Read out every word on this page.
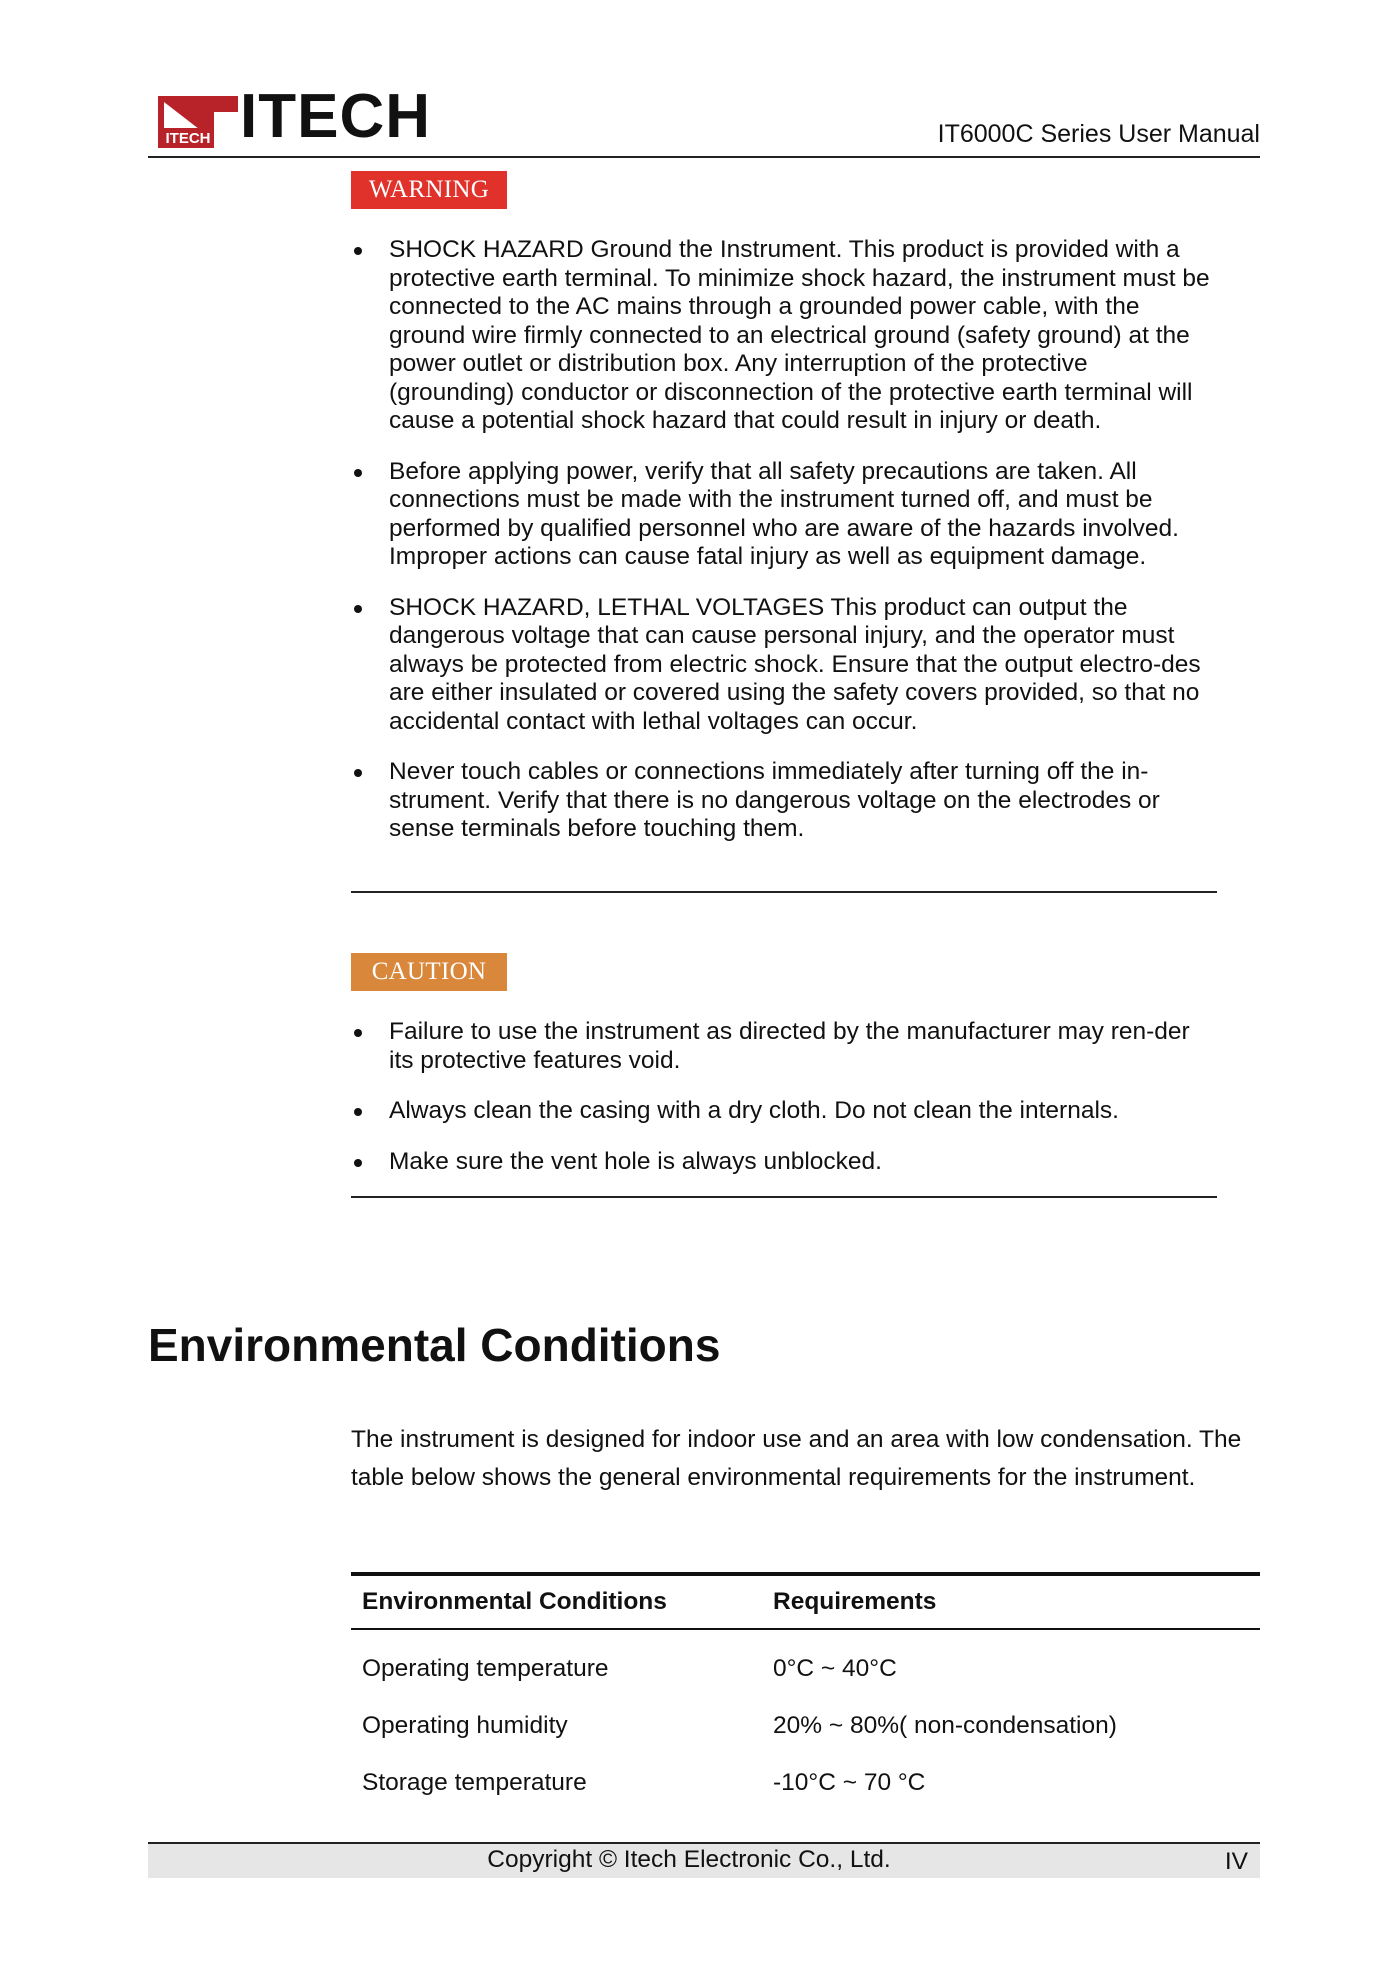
ITECH ITECH	IT6000C Series User Manual
WARNING
SHOCK HAZARD Ground the Instrument. This product is provided with a protective earth terminal. To minimize shock hazard, the instrument must be connected to the AC mains through a grounded power cable, with the ground wire firmly connected to an electrical ground (safety ground) at the power outlet or distribution box. Any interruption of the protective (grounding) conductor or disconnection of the protective earth terminal will cause a potential shock hazard that could result in injury or death.
Before applying power, verify that all safety precautions are taken. All connections must be made with the instrument turned off, and must be performed by qualified personnel who are aware of the hazards involved. Improper actions can cause fatal injury as well as equipment damage.
SHOCK HAZARD, LETHAL VOLTAGES This product can output the dangerous voltage that can cause personal injury, and the operator must always be protected from electric shock. Ensure that the output electro-des are either insulated or covered using the safety covers provided, so that no accidental contact with lethal voltages can occur.
Never touch cables or connections immediately after turning off the in-strument. Verify that there is no dangerous voltage on the electrodes or sense terminals before touching them.
CAUTION
Failure to use the instrument as directed by the manufacturer may ren-der its protective features void.
Always clean the casing with a dry cloth. Do not clean the internals.
Make sure the vent hole is always unblocked.
Environmental Conditions

The instrument is designed for indoor use and an area with low condensation. The table below shows the general environmental requirements for the instrument.

Environmental Conditions	Requirements
Operating temperature	0°C ~ 40°C
Operating humidity	20% ~ 80%( non-condensation)
Storage temperature	-10°C ~ 70 °C
Copyright © Itech Electronic Co., Ltd.	IV
